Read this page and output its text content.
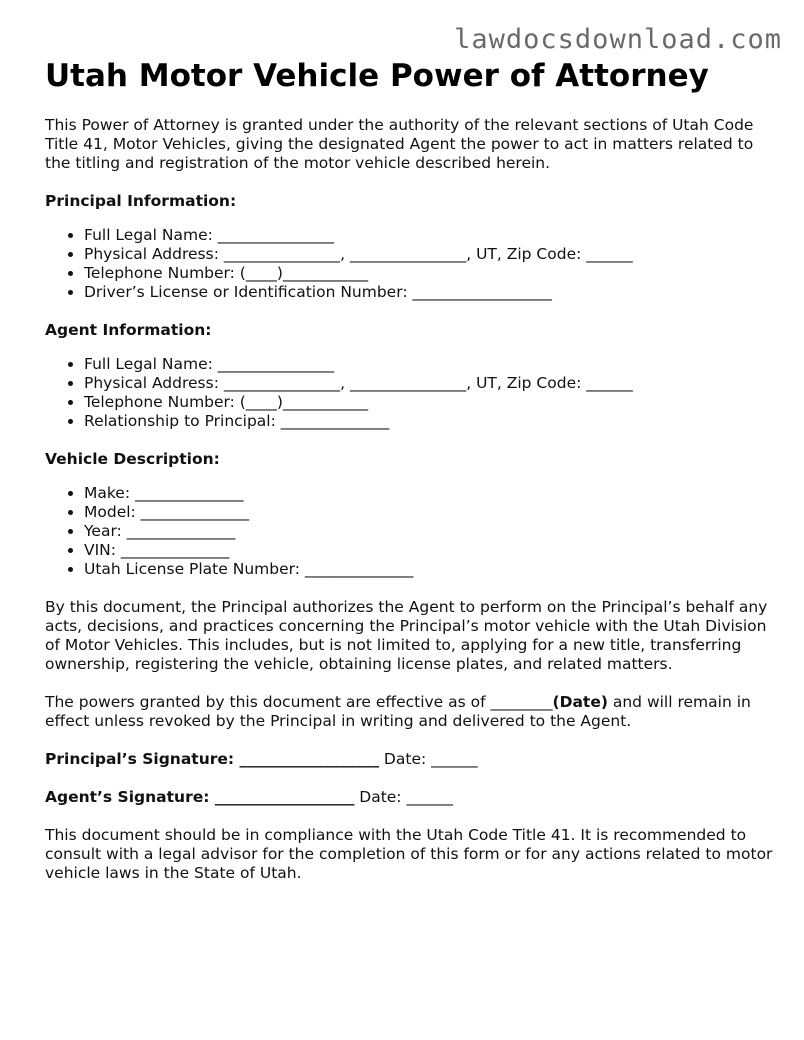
lawdocsdownload.com
Utah Motor Vehicle Power of Attorney

This Power of Attorney is granted under the authority of the relevant sections of Utah Code Title 41, Motor Vehicles, giving the designated Agent the power to act in matters related to the titling and registration of the motor vehicle described herein.

Principal Information:
• Full Legal Name: _______________
• Physical Address: _______________, _______________, UT, Zip Code: ______
• Telephone Number: (____)___________
• Driver’s License or Identification Number: __________________
Agent Information:
• Full Legal Name: _______________
• Physical Address: _______________, _______________, UT, Zip Code: ______
• Telephone Number: (____)___________
• Relationship to Principal: ______________
Vehicle Description:
• Make: ______________
• Model: ______________
• Year: ______________
• VIN: ______________
• Utah License Plate Number: ______________

By this document, the Principal authorizes the Agent to perform on the Principal’s behalf any acts, decisions, and practices concerning the Principal’s motor vehicle with the Utah Division of Motor Vehicles. This includes, but is not limited to, applying for a new title, transferring ownership, registering the vehicle, obtaining license plates, and related matters.

The powers granted by this document are effective as of ________(Date) and will remain in effect unless revoked by the Principal in writing and delivered to the Agent.

Principal’s Signature: __________________ Date: ______

Agent’s Signature: __________________ Date: ______

This document should be in compliance with the Utah Code Title 41. It is recommended to consult with a legal advisor for the completion of this form or for any actions related to motor vehicle laws in the State of Utah.
